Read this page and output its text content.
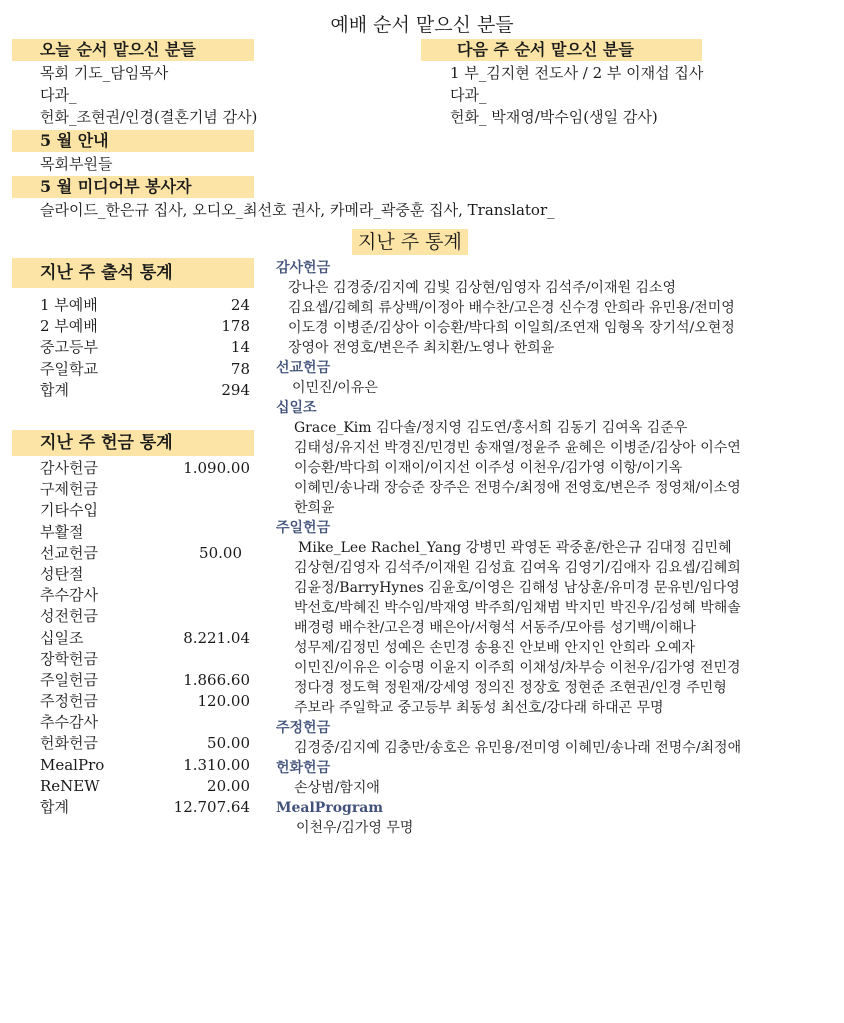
예배 순서 맡으신 분들
오늘 순서 맡으신 분들
목회 기도_담임목사
다과_
헌화_조현권/인경(결혼기념 감사)
다음 주 순서 맡으신 분들
1 부_김지현 전도사 / 2 부 이재섭 집사
다과_
헌화_ 박재영/박수임(생일 감사)
5 월 안내
목회부원들
5 월 미디어부 봉사자
슬라이드_한은규 집사, 오디오_최선호 권사, 카메라_곽중훈 집사, Translator_
지난 주 통계
지난 주 출석 통계
1 부예배	24
2 부예배	178
중고등부	14
주일학교	78
합계	294
지난 주 헌금 통계
감사헌금	1.090.00
구제헌금
기타수입
부활절
선교헌금	50.00
성탄절
추수감사
성전헌금
십일조	8.221.04
장학헌금
주일헌금	1.866.60
주정헌금	120.00
추수감사
헌화헌금	50.00
MealPro	1.310.00
ReNEW	20.00
합계	12.707.64
감사헌금
강나은 김경중/김지예 김빛 김상현/임영자 김석주/이재원 김소영
김요셉/김혜희 류상백/이정아 배수찬/고은경 신수경 안희라 유민용/전미영
이도경 이병준/김상아 이승환/박다희 이일희/조연재 임형옥 장기석/오현정
장영아 전영호/변은주 최치환/노영나 한희윤
선교헌금
이민진/이유은
십일조
Grace_Kim 김다솔/정지영 김도연/홍서희 김동기 김여옥 김준우
김태성/유지선 박경진/민경빈 송재열/정윤주 윤혜은 이병준/김상아 이수연
이승환/박다희 이재이/이지선 이주성 이천우/김가영 이항/이기옥
이혜민/송나래 장승준 장주은 전명수/최정애 전영호/변은주 정영채/이소영
한희윤
주일헌금
Mike_Lee Rachel_Yang 강병민 곽영돈 곽중훈/한은규 김대정 김민혜
김상현/김영자 김석주/이재원 김성효 김여옥 김영기/김애자 김요셉/김혜희
김윤정/BarryHynes 김윤호/이영은 김해성 남상훈/유미경 문유빈/임다영
박선호/박혜진 박수임/박재영 박주희/임채범 박지민 박진우/김성혜 박해솔
배경령 배수찬/고은경 배은아/서형석 서동주/모아름 성기백/이해나
성무제/김정민 성예은 손민경 송용진 안보배 안지인 안희라 오예자
이민진/이유은 이승명 이윤지 이주희 이채성/차부승 이천우/김가영 전민경
정다경 정도혁 정원재/강세영 정의진 정장호 정현준 조현권/인경 주민형
주보라 주일학교 중고등부 최동성 최선호/강다래 하대곤 무명
주정헌금
김경중/김지예 김충만/송호은 유민용/전미영 이혜민/송나래 전명수/최정애
헌화헌금
손상범/함지애
MealProgram
이천우/김가영 무명
